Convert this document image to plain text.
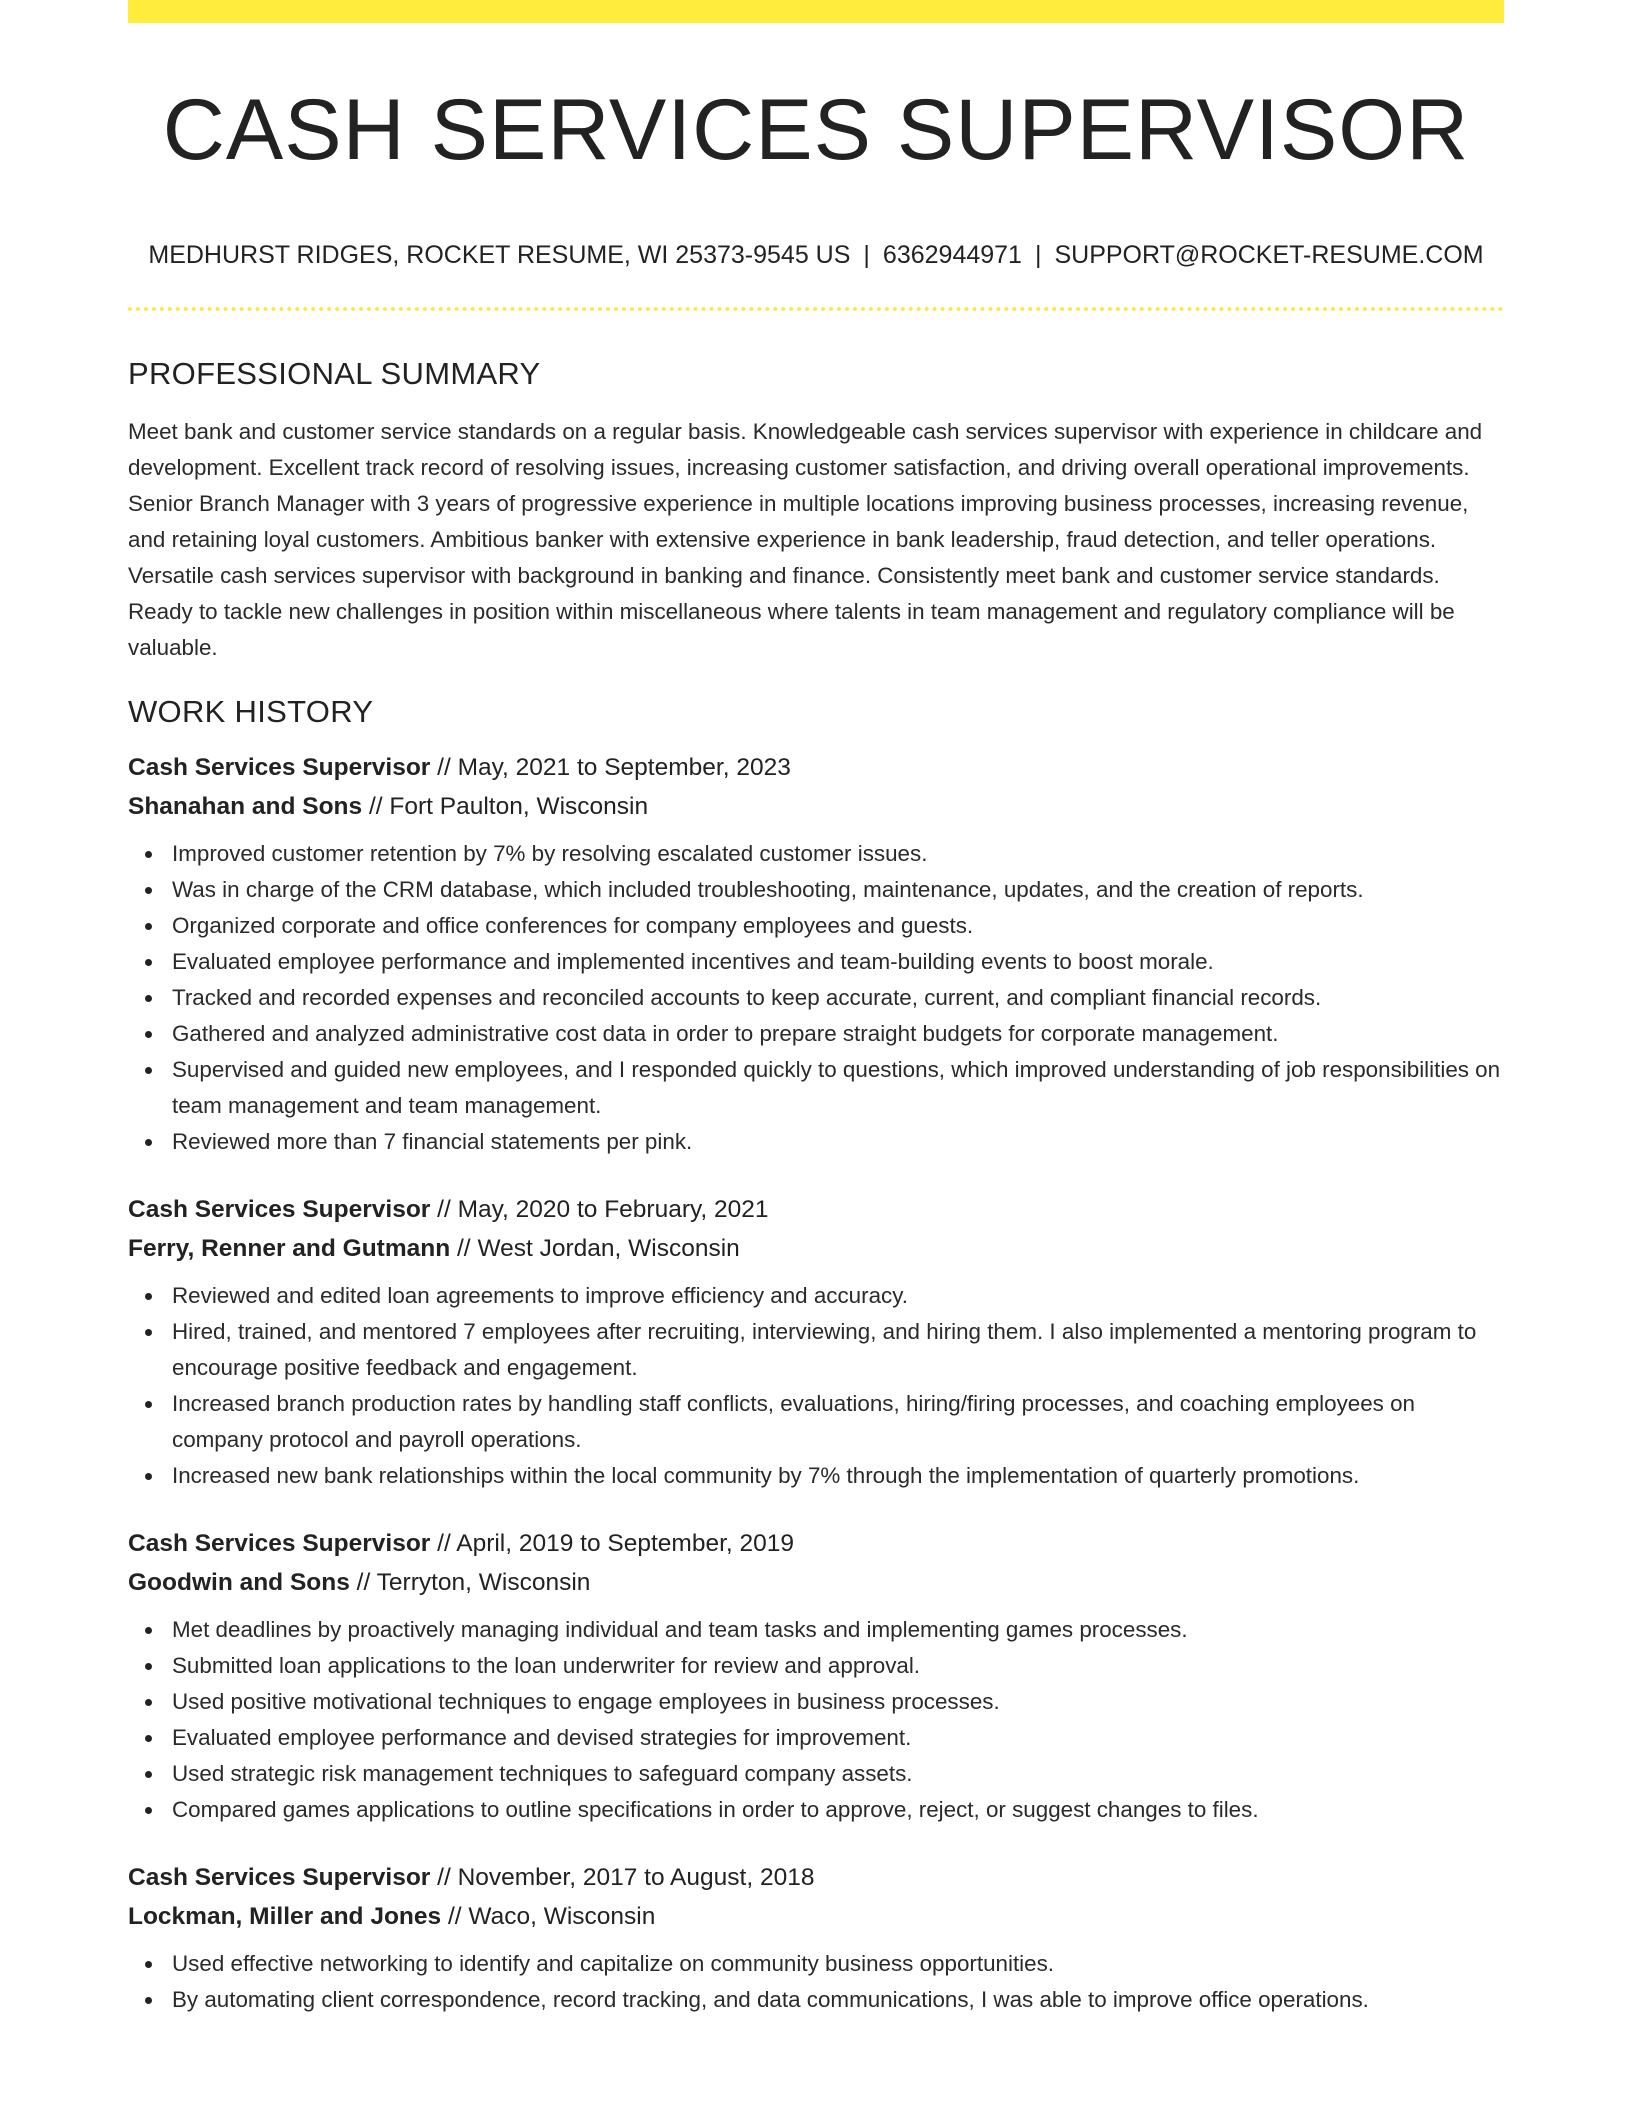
CASH SERVICES SUPERVISOR
MEDHURST RIDGES, ROCKET RESUME, WI 25373-9545 US | 6362944971 | SUPPORT@ROCKET-RESUME.COM
PROFESSIONAL SUMMARY

Meet bank and customer service standards on a regular basis. Knowledgeable cash services supervisor with experience in childcare and development. Excellent track record of resolving issues, increasing customer satisfaction, and driving overall operational improvements. Senior Branch Manager with 3 years of progressive experience in multiple locations improving business processes, increasing revenue, and retaining loyal customers. Ambitious banker with extensive experience in bank leadership, fraud detection, and teller operations. Versatile cash services supervisor with background in banking and finance. Consistently meet bank and customer service standards. Ready to tackle new challenges in position within miscellaneous where talents in team management and regulatory compliance will be valuable.

WORK HISTORY
Cash Services Supervisor // May, 2021 to September, 2023
Shanahan and Sons // Fort Paulton, Wisconsin
Improved customer retention by 7% by resolving escalated customer issues.
Was in charge of the CRM database, which included troubleshooting, maintenance, updates, and the creation of reports.
Organized corporate and office conferences for company employees and guests.
Evaluated employee performance and implemented incentives and team-building events to boost morale.
Tracked and recorded expenses and reconciled accounts to keep accurate, current, and compliant financial records.
Gathered and analyzed administrative cost data in order to prepare straight budgets for corporate management.
Supervised and guided new employees, and I responded quickly to questions, which improved understanding of job responsibilities on team management and team management.
Reviewed more than 7 financial statements per pink.
Cash Services Supervisor // May, 2020 to February, 2021
Ferry, Renner and Gutmann // West Jordan, Wisconsin
Reviewed and edited loan agreements to improve efficiency and accuracy.
Hired, trained, and mentored 7 employees after recruiting, interviewing, and hiring them. I also implemented a mentoring program to encourage positive feedback and engagement.
Increased branch production rates by handling staff conflicts, evaluations, hiring/firing processes, and coaching employees on company protocol and payroll operations.
Increased new bank relationships within the local community by 7% through the implementation of quarterly promotions.
Cash Services Supervisor // April, 2019 to September, 2019
Goodwin and Sons // Terryton, Wisconsin
Met deadlines by proactively managing individual and team tasks and implementing games processes.
Submitted loan applications to the loan underwriter for review and approval.
Used positive motivational techniques to engage employees in business processes.
Evaluated employee performance and devised strategies for improvement.
Used strategic risk management techniques to safeguard company assets.
Compared games applications to outline specifications in order to approve, reject, or suggest changes to files.
Cash Services Supervisor // November, 2017 to August, 2018
Lockman, Miller and Jones // Waco, Wisconsin
Used effective networking to identify and capitalize on community business opportunities.
By automating client correspondence, record tracking, and data communications, I was able to improve office operations.
